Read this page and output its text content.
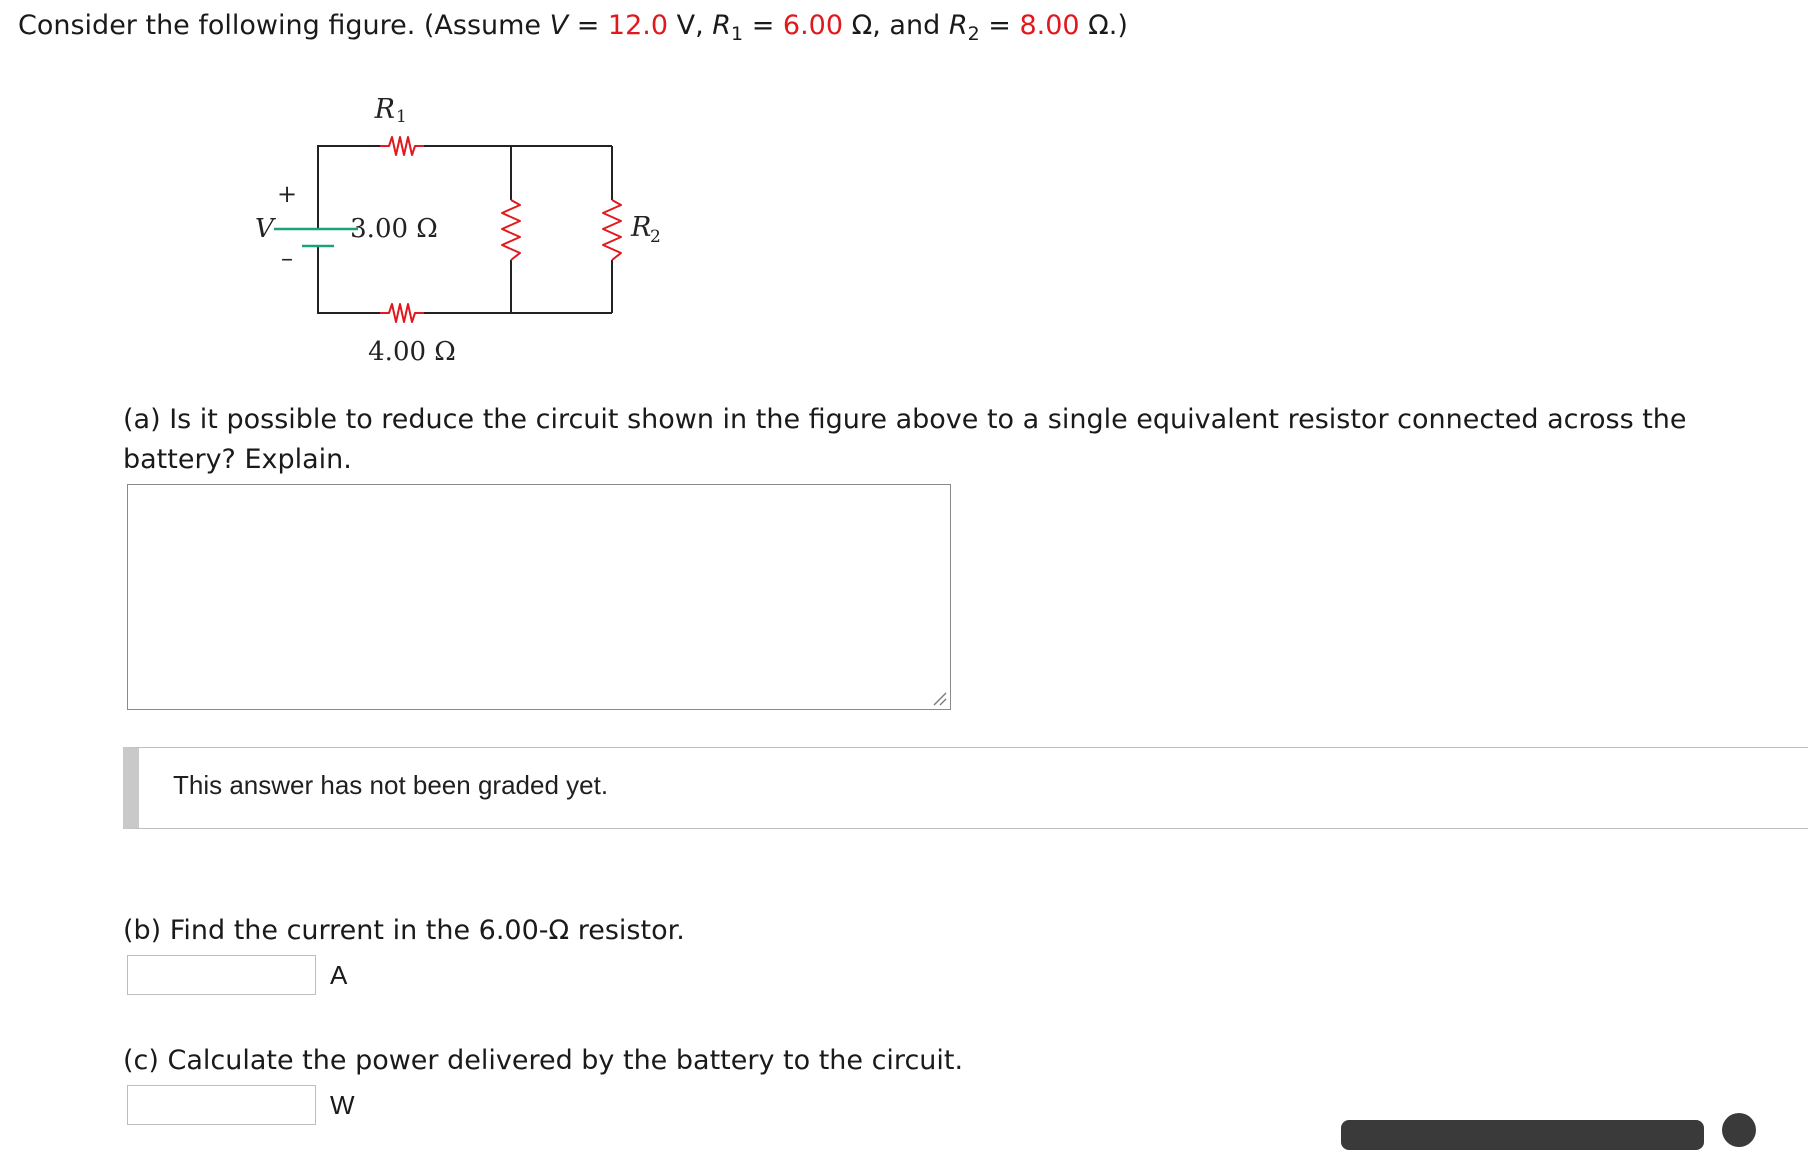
Consider the following figure. (Assume V = 12.0 V, $R_1 = 6.00$ Ω, and $R_2 = 8.00$ Ω.)
R 1
R
2
V
+
–
3.00 Ω
4.00 Ω
(a) Is it possible to reduce the circuit shown in the figure above to a single equivalent resistor connected across the battery? Explain.
This answer has not been graded yet.
(b) Find the current in the 6.00-Ω resistor.
A
(c) Calculate the power delivered by the battery to the circuit.
W
